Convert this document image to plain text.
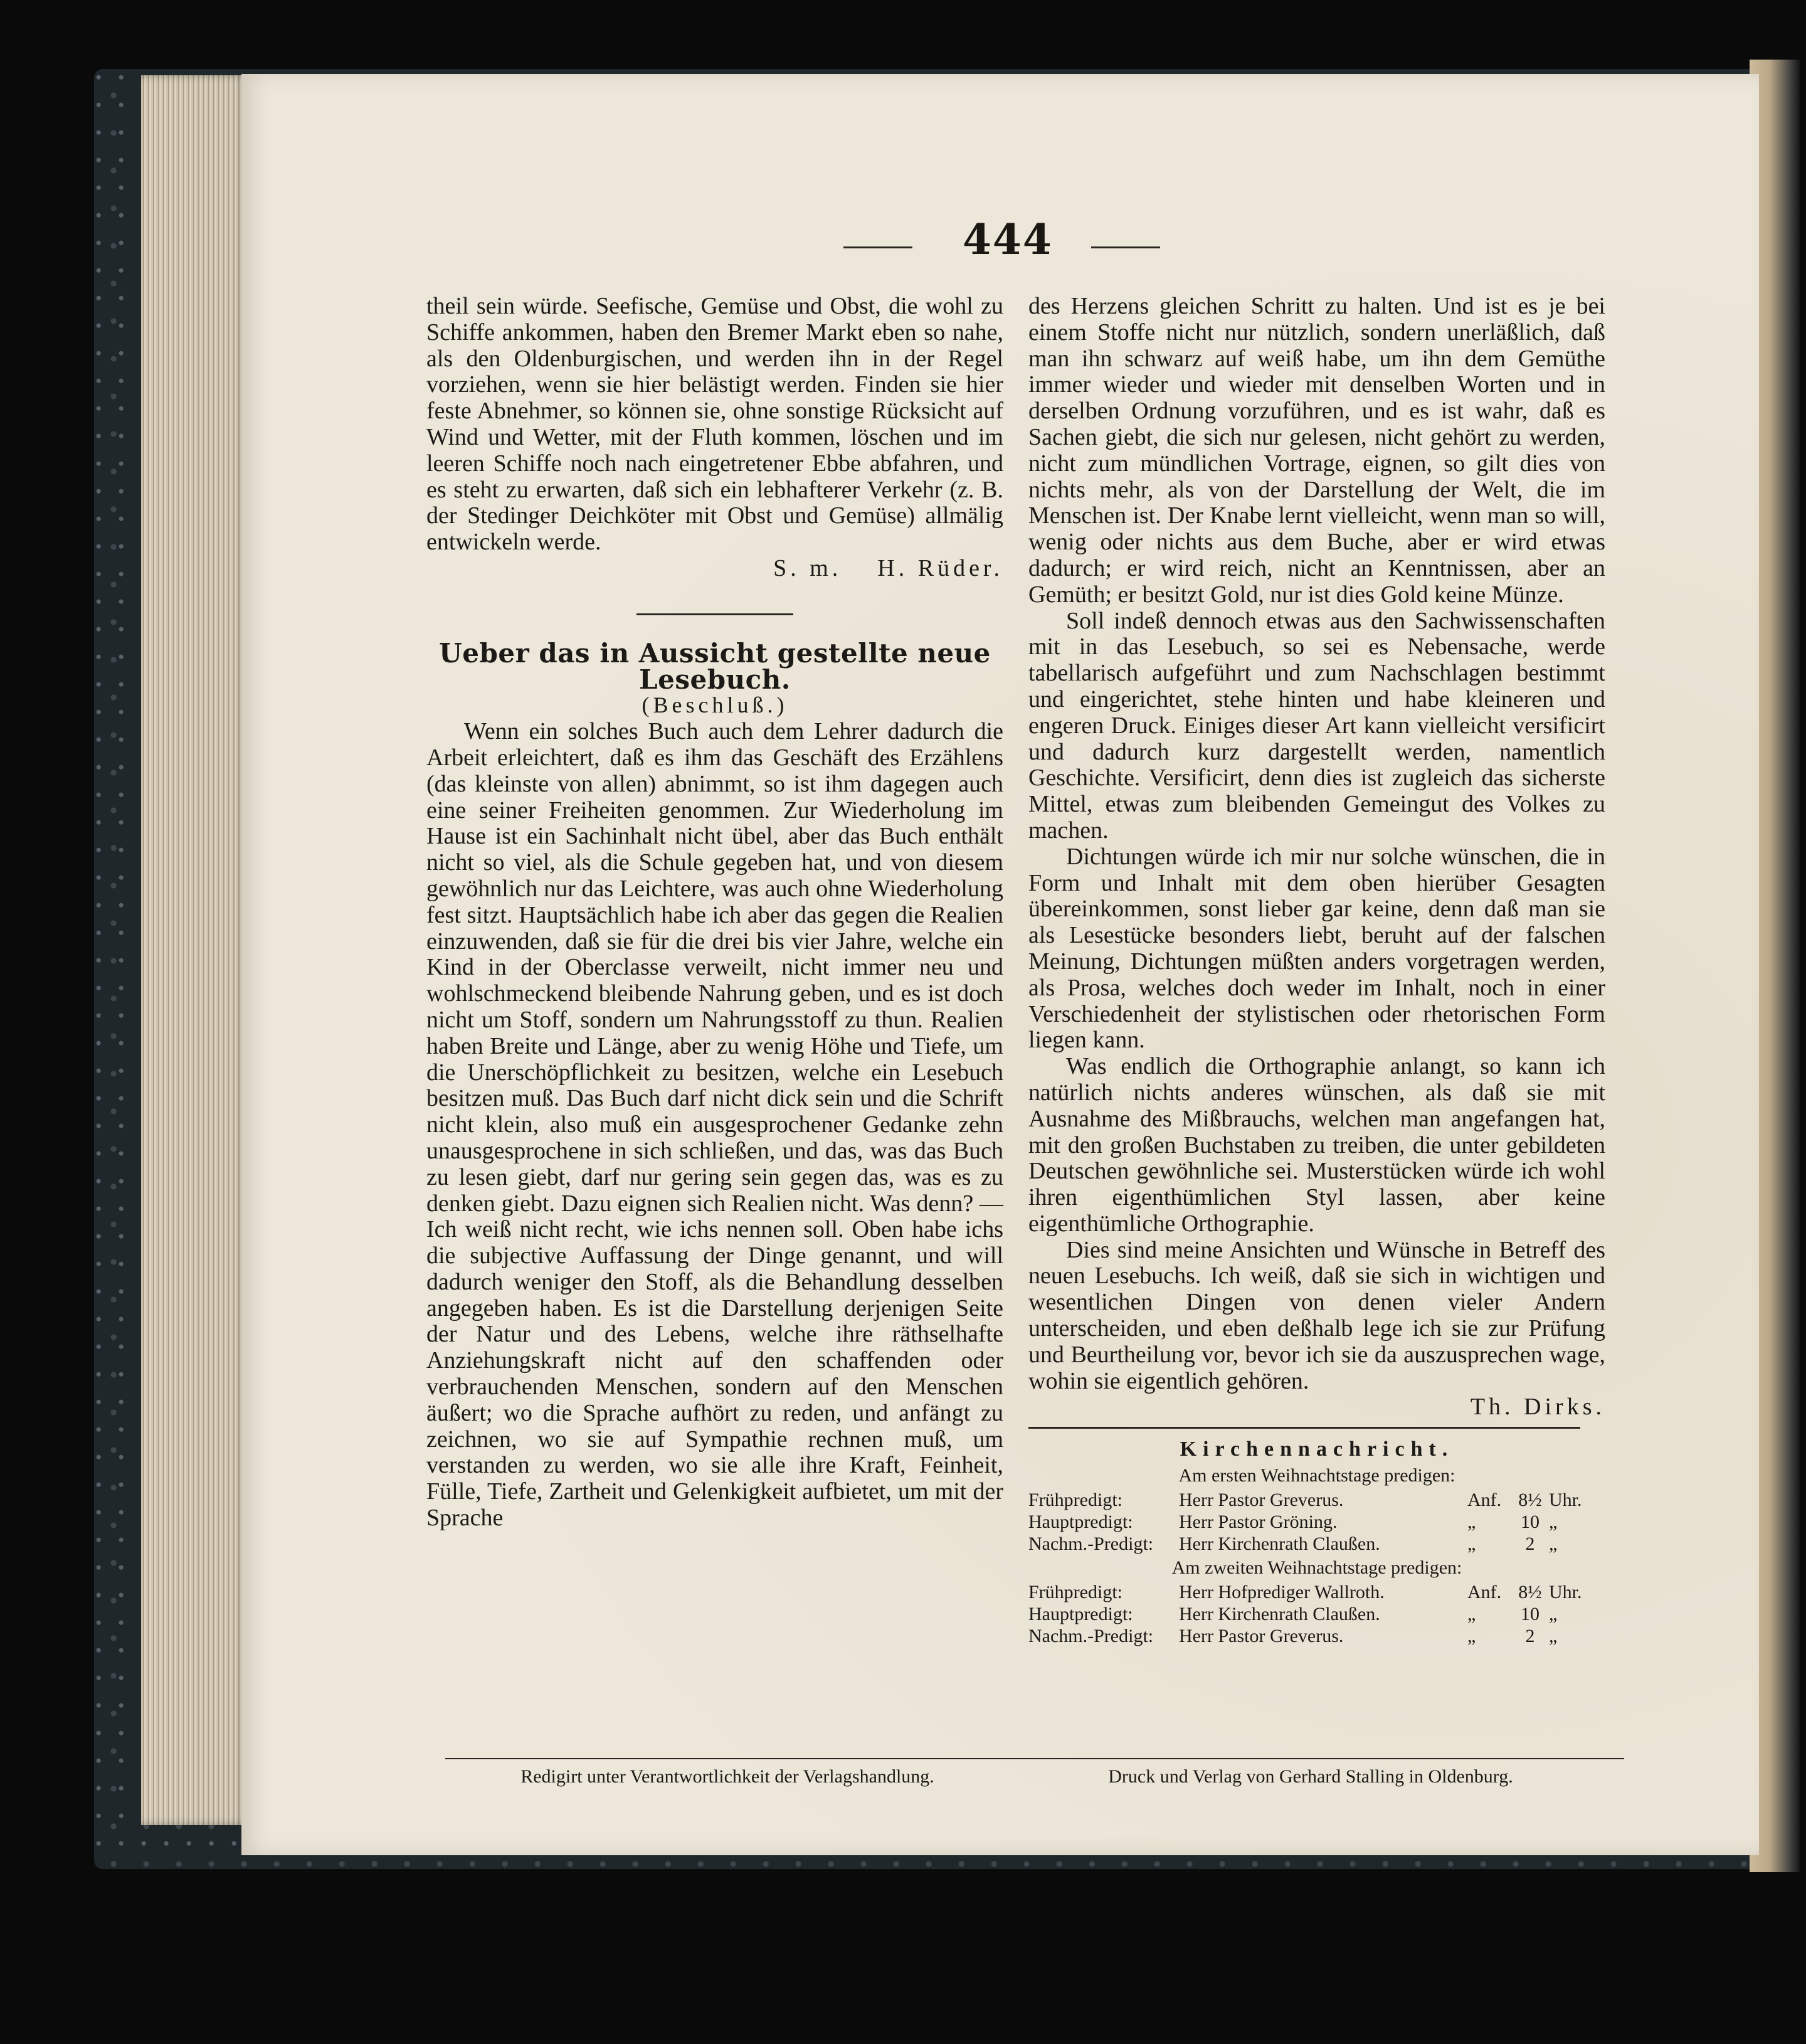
444

theil sein würde. Seefische, Gemüse und Obst, die wohl zu Schiffe ankommen, haben den Bremer Markt eben so nahe, als den Oldenburgischen, und werden ihn in der Regel vorziehen, wenn sie hier belästigt werden. Finden sie hier feste Abnehmer, so können sie, ohne sonstige Rücksicht auf Wind und Wetter, mit der Fluth kommen, löschen und im leeren Schiffe noch nach eingetretener Ebbe abfahren, und es steht zu erwarten, daß sich ein lebhafterer Verkehr (z. B. der Stedinger Deichköter mit Obst und Gemüse) allmälig entwickeln werde.

S. m. H. Rüder.

Ueber das in Aussicht gestellte neue Lesebuch.

(Beschluß.)

Wenn ein solches Buch auch dem Lehrer dadurch die Arbeit erleichtert, daß es ihm das Geschäft des Erzählens (das kleinste von allen) abnimmt, so ist ihm dagegen auch eine seiner Freiheiten genommen. Zur Wiederholung im Hause ist ein Sachinhalt nicht übel, aber das Buch enthält nicht so viel, als die Schule gegeben hat, und von diesem gewöhnlich nur das Leichtere, was auch ohne Wiederholung fest sitzt. Hauptsächlich habe ich aber das gegen die Realien einzuwenden, daß sie für die drei bis vier Jahre, welche ein Kind in der Oberclasse verweilt, nicht immer neu und wohlschmeckend bleibende Nahrung geben, und es ist doch nicht um Stoff, sondern um Nahrungsstoff zu thun. Realien haben Breite und Länge, aber zu wenig Höhe und Tiefe, um die Unerschöpflichkeit zu besitzen, welche ein Lesebuch besitzen muß. Das Buch darf nicht dick sein und die Schrift nicht klein, also muß ein ausgesprochener Gedanke zehn unausgesprochene in sich schließen, und das, was das Buch zu lesen giebt, darf nur gering sein gegen das, was es zu denken giebt. Dazu eignen sich Realien nicht. Was denn? — Ich weiß nicht recht, wie ichs nennen soll. Oben habe ichs die subjective Auffassung der Dinge genannt, und will dadurch weniger den Stoff, als die Behandlung desselben angegeben haben. Es ist die Darstellung derjenigen Seite der Natur und des Lebens, welche ihre räthselhafte Anziehungskraft nicht auf den schaffenden oder verbrauchenden Menschen, sondern auf den Menschen äußert; wo die Sprache aufhört zu reden, und anfängt zu zeichnen, wo sie auf Sympathie rechnen muß, um verstanden zu werden, wo sie alle ihre Kraft, Feinheit, Fülle, Tiefe, Zartheit und Gelenkigkeit aufbietet, um mit der Sprache

des Herzens gleichen Schritt zu halten. Und ist es je bei einem Stoffe nicht nur nützlich, sondern unerläßlich, daß man ihn schwarz auf weiß habe, um ihn dem Gemüthe immer wieder und wieder mit denselben Worten und in derselben Ordnung vorzuführen, und es ist wahr, daß es Sachen giebt, die sich nur gelesen, nicht gehört zu werden, nicht zum mündlichen Vortrage, eignen, so gilt dies von nichts mehr, als von der Darstellung der Welt, die im Menschen ist. Der Knabe lernt vielleicht, wenn man so will, wenig oder nichts aus dem Buche, aber er wird etwas dadurch; er wird reich, nicht an Kenntnissen, aber an Gemüth; er besitzt Gold, nur ist dies Gold keine Münze.

Soll indeß dennoch etwas aus den Sachwissenschaften mit in das Lesebuch, so sei es Nebensache, werde tabellarisch aufgeführt und zum Nachschlagen bestimmt und eingerichtet, stehe hinten und habe kleineren und engeren Druck. Einiges dieser Art kann vielleicht versificirt und dadurch kurz dargestellt werden, namentlich Geschichte. Versificirt, denn dies ist zugleich das sicherste Mittel, etwas zum bleibenden Gemeingut des Volkes zu machen.

Dichtungen würde ich mir nur solche wünschen, die in Form und Inhalt mit dem oben hierüber Gesagten übereinkommen, sonst lieber gar keine, denn daß man sie als Lesestücke besonders liebt, beruht auf der falschen Meinung, Dichtungen müßten anders vorgetragen werden, als Prosa, welches doch weder im Inhalt, noch in einer Verschiedenheit der stylistischen oder rhetorischen Form liegen kann.

Was endlich die Orthographie anlangt, so kann ich natürlich nichts anderes wünschen, als daß sie mit Ausnahme des Mißbrauchs, welchen man angefangen hat, mit den großen Buchstaben zu treiben, die unter gebildeten Deutschen gewöhnliche sei. Musterstücken würde ich wohl ihren eigenthümlichen Styl lassen, aber keine eigenthümliche Orthographie.

Dies sind meine Ansichten und Wünsche in Betreff des neuen Lesebuchs. Ich weiß, daß sie sich in wichtigen und wesentlichen Dingen von denen vieler Andern unterscheiden, und eben deßhalb lege ich sie zur Prüfung und Beurtheilung vor, bevor ich sie da auszusprechen wage, wohin sie eigentlich gehören.

Th. Dirks.

Kirchennachricht.

Am ersten Weihnachtstage predigen:

Frühpredigt:	Herr Pastor Greverus.	Anf. 8½ Uhr.
Hauptpredigt:	Herr Pastor Gröning.	„	10 „
Nachm.-Predigt:	Herr Kirchenrath Claußen.	„	2 „

Am zweiten Weihnachtstage predigen:

Frühpredigt:	Herr Hofprediger Wallroth.	Anf. 8½ Uhr.
Hauptpredigt:	Herr Kirchenrath Claußen.	„	10 „
Nachm.-Predigt:	Herr Pastor Greverus.	„	2 „
Redigirt unter Verantwortlichkeit der Verlagshandlung.	Druck und Verlag von Gerhard Stalling in Oldenburg.
